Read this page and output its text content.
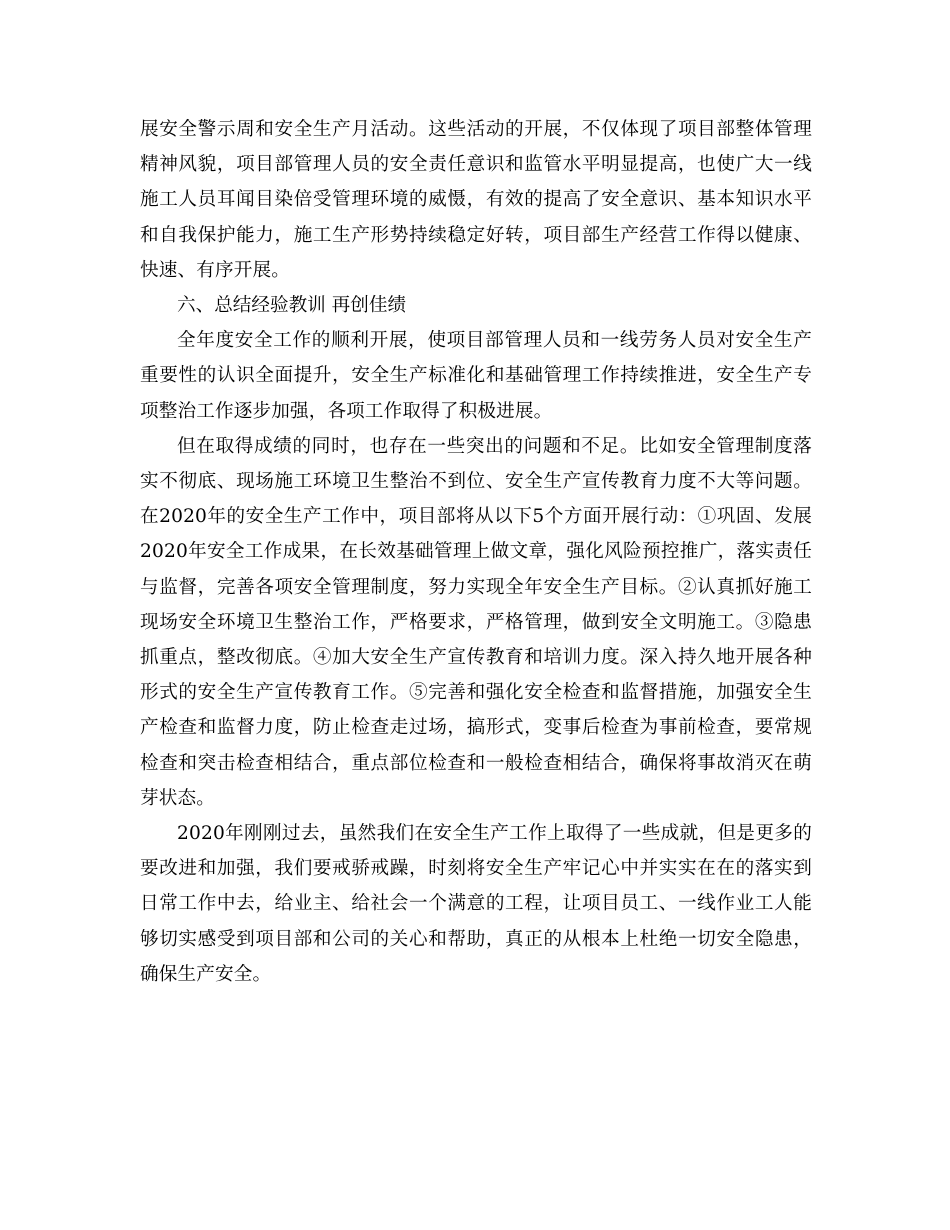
展安全警示周和安全生产月活动。这些活动的开展，不仅体现了项目部整体管理精神风貌，项目部管理人员的安全责任意识和监管水平明显提高，也使广大一线施工人员耳闻目染倍受管理环境的威慑，有效的提高了安全意识、基本知识水平和自我保护能力，施工生产形势持续稳定好转，项目部生产经营工作得以健康、快速、有序开展。

六、总结经验教训 再创佳绩

全年度安全工作的顺利开展，使项目部管理人员和一线劳务人员对安全生产重要性的认识全面提升，安全生产标准化和基础管理工作持续推进，安全生产专项整治工作逐步加强，各项工作取得了积极进展。

但在取得成绩的同时，也存在一些突出的问题和不足。比如安全管理制度落实不彻底、现场施工环境卫生整治不到位、安全生产宣传教育力度不大等问题。在2020年的安全生产工作中，项目部将从以下5个方面开展行动：①巩固、发展2020年安全工作成果，在长效基础管理上做文章，强化风险预控推广，落实责任与监督，完善各项安全管理制度，努力实现全年安全生产目标。②认真抓好施工现场安全环境卫生整治工作，严格要求，严格管理，做到安全文明施工。③隐患抓重点，整改彻底。④加大安全生产宣传教育和培训力度。深入持久地开展各种形式的安全生产宣传教育工作。⑤完善和强化安全检查和监督措施，加强安全生产检查和监督力度，防止检查走过场，搞形式，变事后检查为事前检查，要常规检查和突击检查相结合，重点部位检查和一般检查相结合，确保将事故消灭在萌芽状态。

2020年刚刚过去，虽然我们在安全生产工作上取得了一些成就，但是更多的要改进和加强，我们要戒骄戒躁，时刻将安全生产牢记心中并实实在在的落实到日常工作中去，给业主、给社会一个满意的工程，让项目员工、一线作业工人能够切实感受到项目部和公司的关心和帮助，真正的从根本上杜绝一切安全隐患，确保生产安全。
